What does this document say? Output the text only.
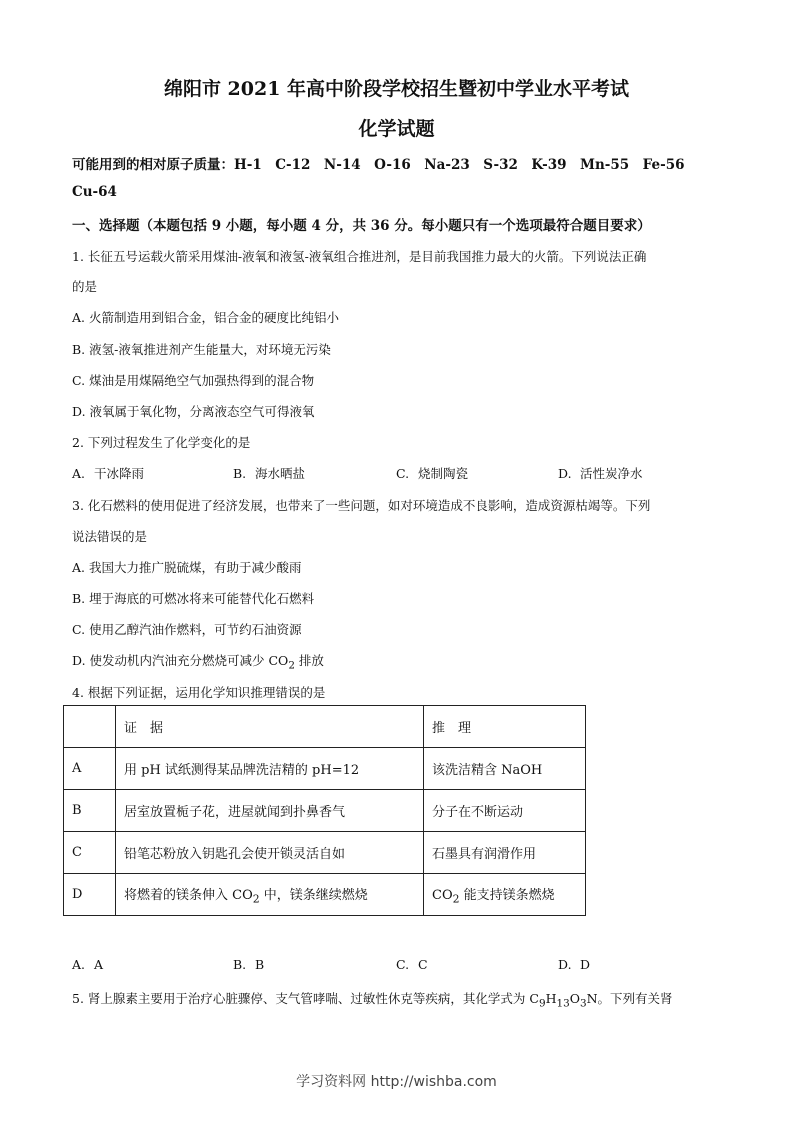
绵阳市 2021 年高中阶段学校招生暨初中学业水平考试
化学试题
可能用到的相对原子质量：H-1　C-12　N-14　O-16　Na-23　S-32　K-39　Mn-55　Fe-56
Cu-64
一、选择题（本题包括 9 小题，每小题 4 分，共 36 分。每小题只有一个选项最符合题目要求）
1. 长征五号运载火箭采用煤油-液氧和液氢-液氧组合推进剂，是目前我国推力最大的火箭。下列说法正确
的是
A. 火箭制造用到铝合金，铝合金的硬度比纯铝小
B. 液氢-液氧推进剂产生能量大，对环境无污染
C. 煤油是用煤隔绝空气加强热得到的混合物
D. 液氧属于氧化物，分离液态空气可得液氧
2. 下列过程发生了化学变化的是
A. 干冰降雨	B. 海水晒盐	C. 烧制陶瓷	D. 活性炭净水
3. 化石燃料的使用促进了经济发展，也带来了一些问题，如对环境造成不良影响，造成资源枯竭等。下列
说法错误的是
A. 我国大力推广脱硫煤，有助于减少酸雨
B. 埋于海底的可燃冰将来可能替代化石燃料
C. 使用乙醇汽油作燃料，可节约石油资源
D. 使发动机内汽油充分燃烧可减少 $CO_2$ 排放
4. 根据下列证据，运用化学知识推理错误的是
	证　据	推　理
A	用 pH 试纸测得某品牌洗洁精的 pH=12	该洗洁精含 NaOH
B	居室放置栀子花，进屋就闻到扑鼻香气	分子在不断运动
C	铅笔芯粉放入钥匙孔会使开锁灵活自如	石墨具有润滑作用
D	将燃着的镁条伸入 $CO_2$ 中，镁条继续燃烧	$CO_2$ 能支持镁条燃烧
A. A	B. B	C. C	D. D
5. 肾上腺素主要用于治疗心脏骤停、支气管哮喘、过敏性休克等疾病，其化学式为 $C_9H_{13}O_3N$。下列有关肾
学习资料网 http://wishba.com
